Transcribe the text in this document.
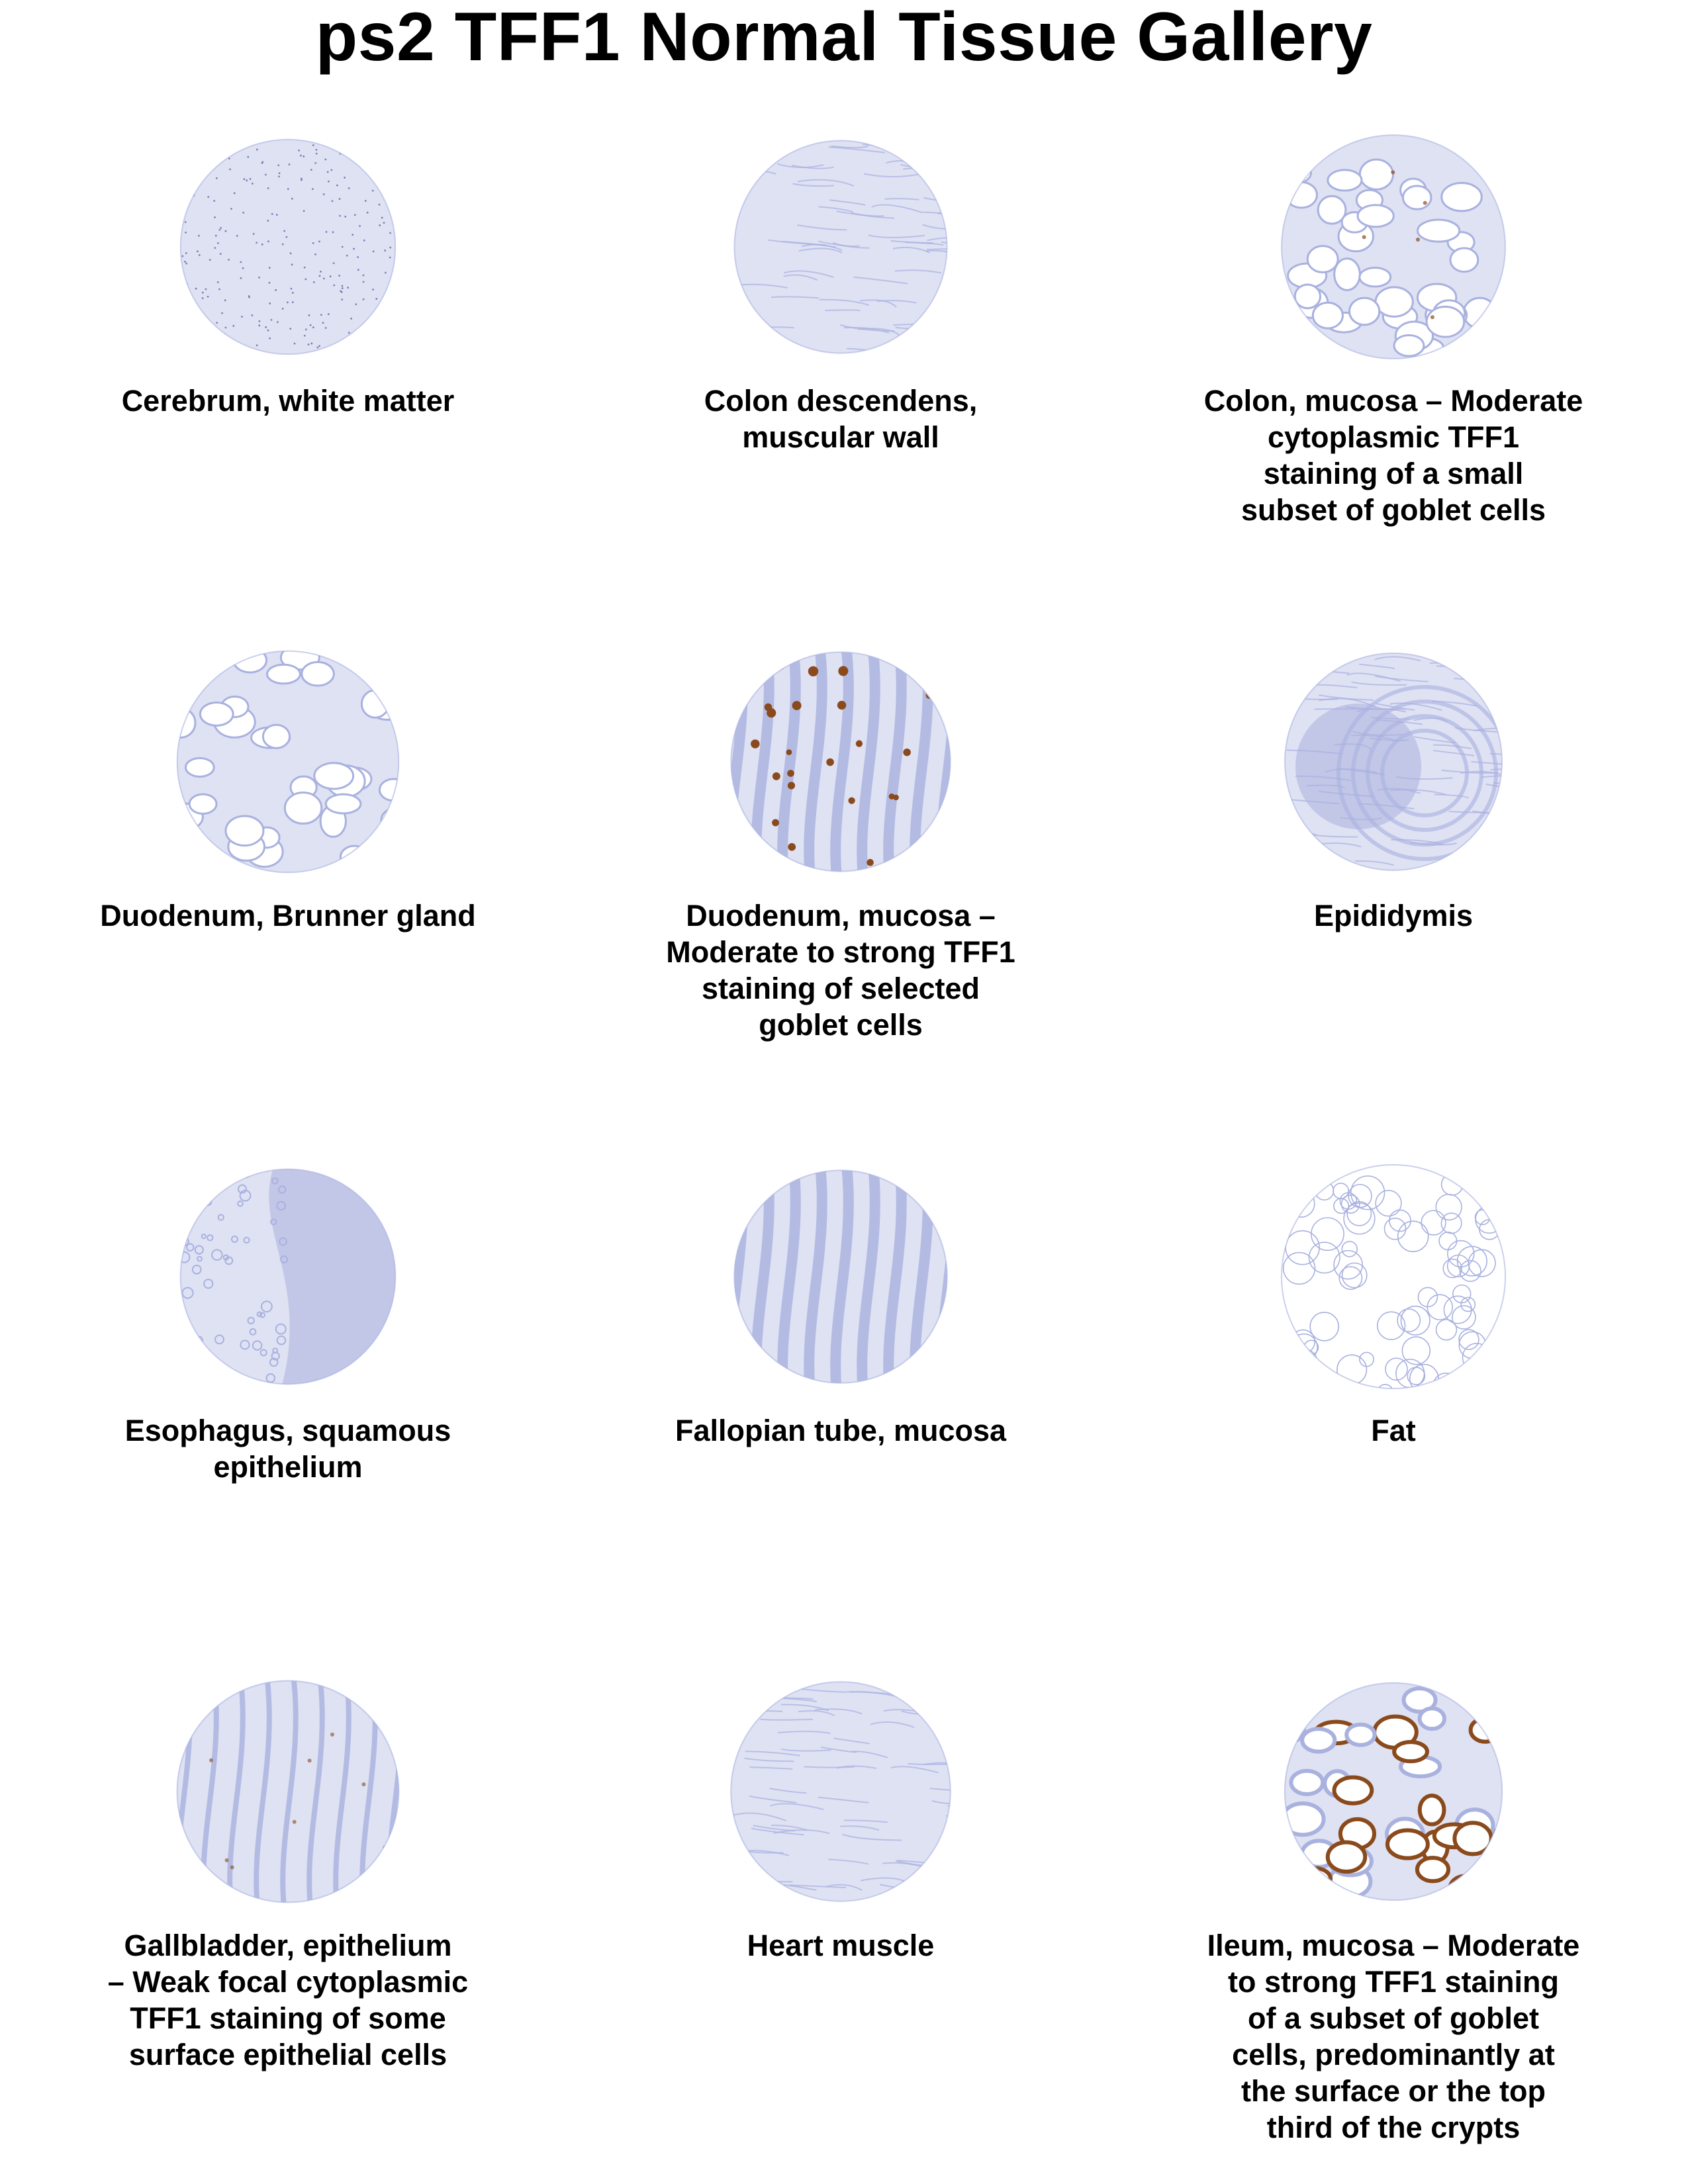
ps2 TFF1 Normal Tissue Gallery
Cerebrum, white matter	Colon descendens,
muscular wall
Colon, mucosa – Moderate
cytoplasmic TFF1
staining of a small
subset of goblet cells
Duodenum, Brunner gland	Duodenum, mucosa –
Moderate to strong TFF1
staining of selected
goblet cells
Epididymis
Esophagus, squamous
epithelium
Fallopian tube, mucosa	Fat
Gallbladder, epithelium
– Weak focal cytoplasmic
TFF1 staining of some
surface epithelial cells
Heart muscle	Ileum, mucosa – Moderate
to strong TFF1 staining
of a subset of goblet
cells, predominantly at
the surface or the top
third of the crypts
